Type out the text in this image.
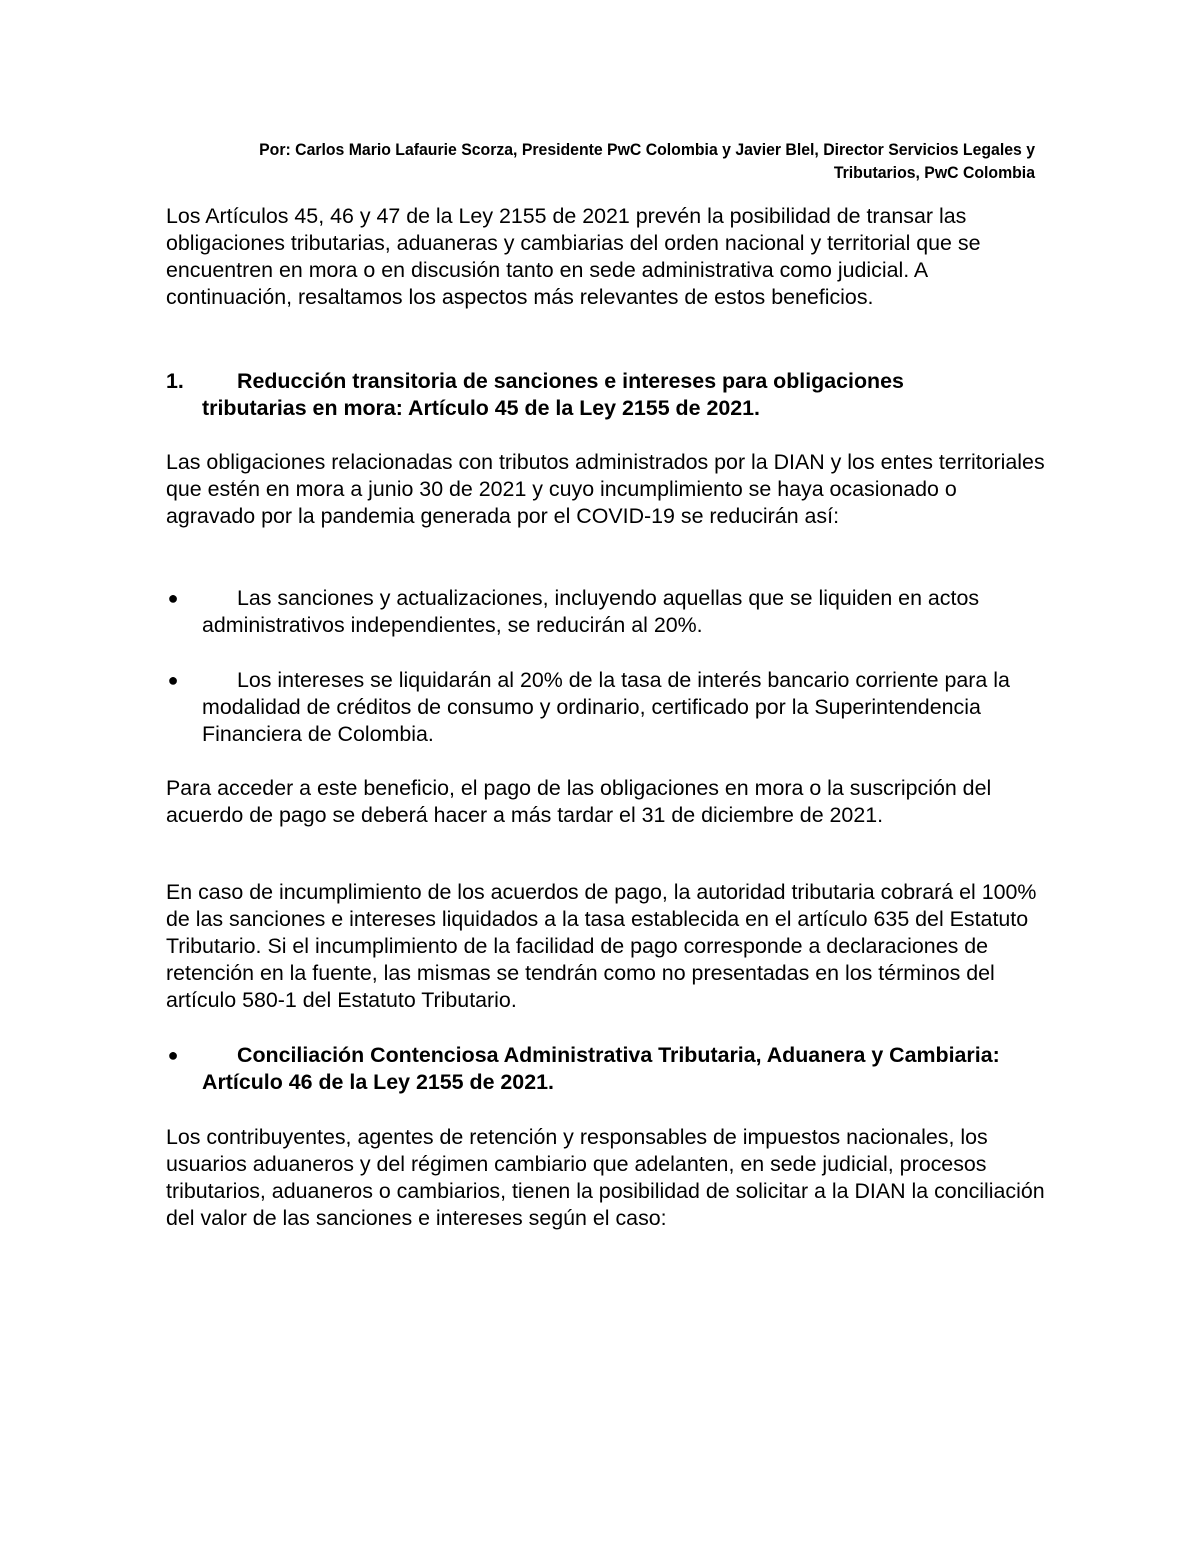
Por: Carlos Mario Lafaurie Scorza, Presidente PwC Colombia y Javier Blel, Director Servicios Legales y
Tributarios, PwC Colombia

Los Artículos 45, 46 y 47 de la Ley 2155 de 2021 prevén la posibilidad de transar las obligaciones tributarias, aduaneras y cambiarias del orden nacional y territorial que se encuentren en mora o en discusión tanto en sede administrativa como judicial. A continuación, resaltamos los aspectos más relevantes de estos beneficios.

1.	Reducción transitoria de sanciones e intereses para obligaciones
tributarias en mora: Artículo 45 de la Ley 2155 de 2021.

Las obligaciones relacionadas con tributos administrados por la DIAN y los entes territoriales que estén en mora a junio 30 de 2021 y cuyo incumplimiento se haya ocasionado o agravado por la pandemia generada por el COVID-19 se reducirán así:

●	Las sanciones y actualizaciones, incluyendo aquellas que se liquiden en actos administrativos independientes, se reducirán al 20%.
●	Los intereses se liquidarán al 20% de la tasa de interés bancario corriente para la modalidad de créditos de consumo y ordinario, certificado por la Superintendencia Financiera de Colombia.

Para acceder a este beneficio, el pago de las obligaciones en mora o la suscripción del acuerdo de pago se deberá hacer a más tardar el 31 de diciembre de 2021.

En caso de incumplimiento de los acuerdos de pago, la autoridad tributaria cobrará el 100% de las sanciones e intereses liquidados a la tasa establecida en el artículo 635 del Estatuto Tributario. Si el incumplimiento de la facilidad de pago corresponde a declaraciones de retención en la fuente, las mismas se tendrán como no presentadas en los términos del artículo 580-1 del Estatuto Tributario.

●	Conciliación Contenciosa Administrativa Tributaria, Aduanera y Cambiaria: Artículo 46 de la Ley 2155 de 2021.

Los contribuyentes, agentes de retención y responsables de impuestos nacionales, los usuarios aduaneros y del régimen cambiario que adelanten, en sede judicial, procesos tributarios, aduaneros o cambiarios, tienen la posibilidad de solicitar a la DIAN la conciliación del valor de las sanciones e intereses según el caso:
